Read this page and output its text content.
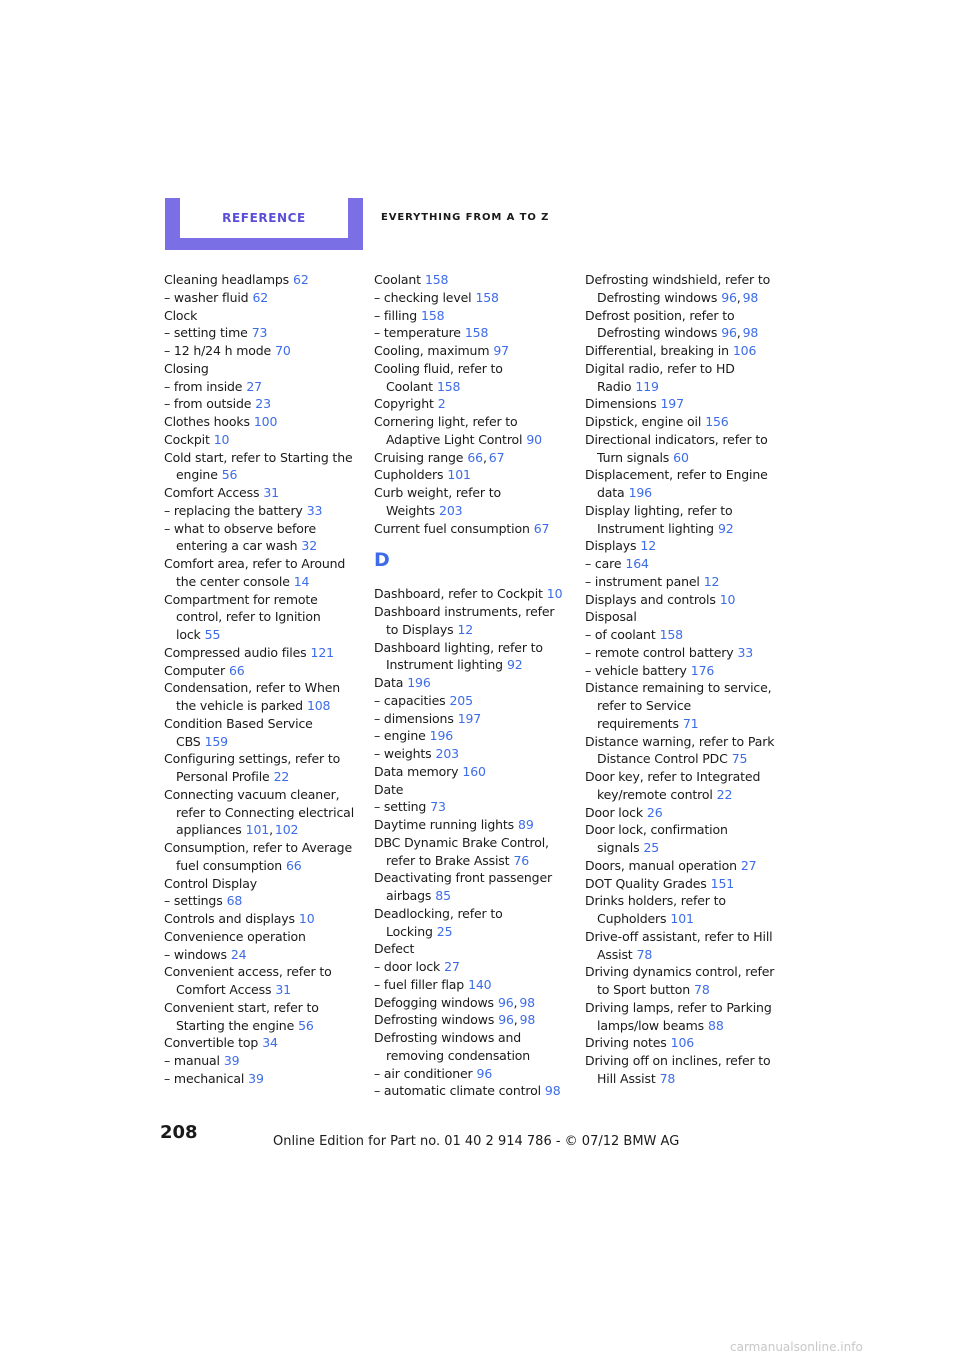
REFERENCE	EVERYTHING FROM A TO Z

Cleaning headlamps 62

– washer fluid 62

Clock

– setting time 73

– 12 h/24 h mode 70

Closing

– from inside 27

– from outside 23

Clothes hooks 100

Cockpit 10

Cold start, refer to Starting the engine 56

Comfort Access 31

– replacing the battery 33

– what to observe before entering a car wash 32

Comfort area, refer to Around the center console 14

Compartment for remote control, refer to Ignition lock 55

Compressed audio files 121

Computer 66

Condensation, refer to When the vehicle is parked 108

Condition Based Service CBS 159

Configuring settings, refer to Personal Profile 22

Connecting vacuum cleaner, refer to Connecting electrical appliances 101, 102

Consumption, refer to Average fuel consumption 66

Control Display

– settings 68

Controls and displays 10

Convenience operation

– windows 24

Convenient access, refer to Comfort Access 31

Convenient start, refer to Starting the engine 56

Convertible top 34

– manual 39

– mechanical 39

Coolant 158

– checking level 158

– filling 158

– temperature 158

Cooling, maximum 97

Cooling fluid, refer to Coolant 158

Copyright 2

Cornering light, refer to Adaptive Light Control 90

Cruising range 66, 67

Cupholders 101

Curb weight, refer to Weights 203

Current fuel consumption 67

D

Dashboard, refer to Cockpit 10

Dashboard instruments, refer to Displays 12

Dashboard lighting, refer to Instrument lighting 92

Data 196

– capacities 205

– dimensions 197

– engine 196

– weights 203

Data memory 160

Date

– setting 73

Daytime running lights 89

DBC Dynamic Brake Control, refer to Brake Assist 76

Deactivating front passenger airbags 85

Deadlocking, refer to Locking 25

Defect

– door lock 27

– fuel filler flap 140

Defogging windows 96, 98

Defrosting windows 96, 98

Defrosting windows and removing condensation

– air conditioner 96

– automatic climate control 98

Defrosting windshield, refer to Defrosting windows 96, 98

Defrost position, refer to Defrosting windows 96, 98

Differential, breaking in 106

Digital radio, refer to HD Radio 119

Dimensions 197

Dipstick, engine oil 156

Directional indicators, refer to Turn signals 60

Displacement, refer to Engine data 196

Display lighting, refer to Instrument lighting 92

Displays 12

– care 164

– instrument panel 12

Displays and controls 10

Disposal

– of coolant 158

– remote control battery 33

– vehicle battery 176

Distance remaining to service, refer to Service requirements 71

Distance warning, refer to Park Distance Control PDC 75

Door key, refer to Integrated key/remote control 22

Door lock 26

Door lock, confirmation signals 25

Doors, manual operation 27

DOT Quality Grades 151

Drinks holders, refer to Cupholders 101

Drive-off assistant, refer to Hill Assist 78

Driving dynamics control, refer to Sport button 78

Driving lamps, refer to Parking lamps/low beams 88

Driving notes 106

Driving off on inclines, refer to Hill Assist 78

208	Online Edition for Part no. 01 40 2 914 786 - © 07/12 BMW AG
carmanualsonline.info
